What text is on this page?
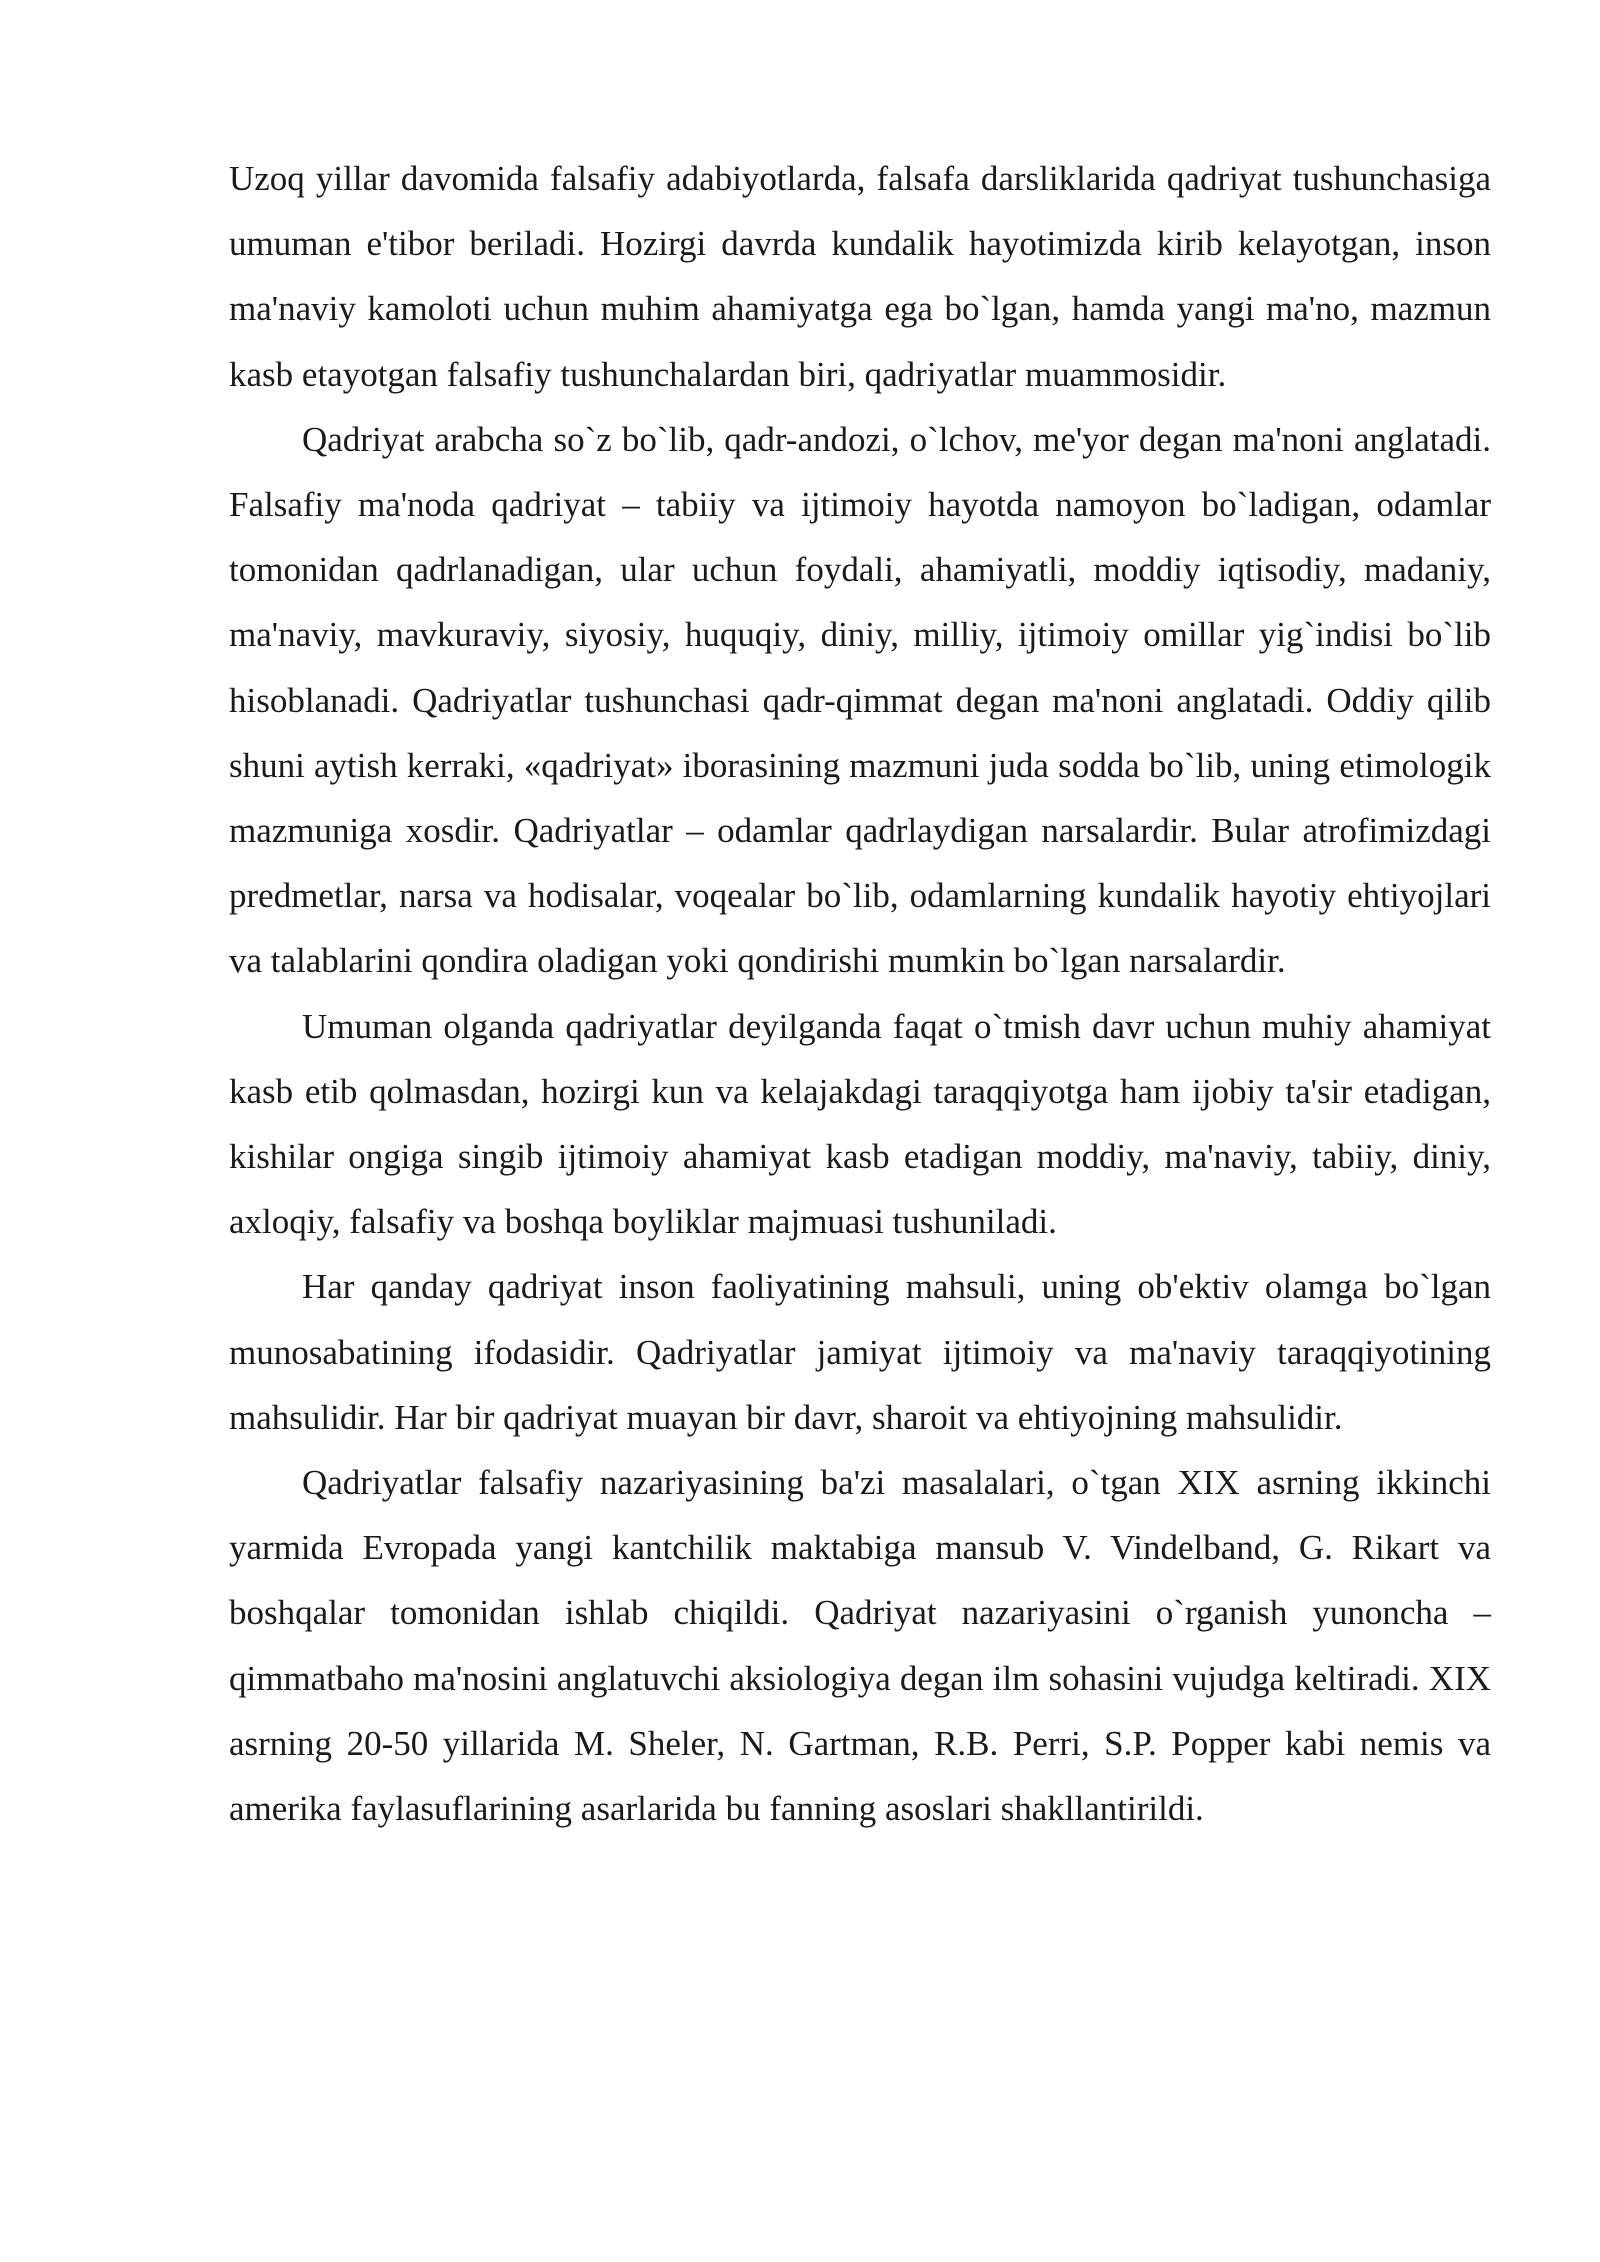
Uzoq yillar davomida falsafiy adabiyotlarda, falsafa darsliklarida qadriyat tushunchasiga umuman e'tibor beriladi. Hozirgi davrda kundalik hayotimizda kirib kelayotgan, inson ma'naviy kamoloti uchun muhim ahamiyatga ega bo`lgan, hamda yangi ma'no, mazmun kasb etayotgan falsafiy tushunchalardan biri, qadriyatlar muammosidir.

Qadriyat arabcha so`z bo`lib, qadr-andozi, o`lchov, me'yor degan ma'noni anglatadi. Falsafiy ma'noda qadriyat – tabiiy va ijtimoiy hayotda namoyon bo`ladigan, odamlar tomonidan qadrlanadigan, ular uchun foydali, ahamiyatli, moddiy iqtisodiy, madaniy, ma'naviy, mavkuraviy, siyosiy, huquqiy, diniy, milliy, ijtimoiy omillar yig`indisi bo`lib hisoblanadi. Qadriyatlar tushunchasi qadr-qimmat degan ma'noni anglatadi. Oddiy qilib shuni aytish kerraki, «qadriyat» iborasining mazmuni juda sodda bo`lib, uning etimologik mazmuniga xosdir. Qadriyatlar – odamlar qadrlaydigan narsalardir. Bular atrofimizdagi predmetlar, narsa va hodisalar, voqealar bo`lib, odamlarning kundalik hayotiy ehtiyojlari va talablarini qondira oladigan yoki qondirishi mumkin bo`lgan narsalardir.

Umuman olganda qadriyatlar deyilganda faqat o`tmish davr uchun muhiy ahamiyat kasb etib qolmasdan, hozirgi kun va kelajakdagi taraqqiyotga ham ijobiy ta'sir etadigan, kishilar ongiga singib ijtimoiy ahamiyat kasb etadigan moddiy, ma'naviy, tabiiy, diniy, axloqiy, falsafiy va boshqa boyliklar majmuasi tushuniladi.

Har qanday qadriyat inson faoliyatining mahsuli, uning ob'ektiv olamga bo`lgan munosabatining ifodasidir. Qadriyatlar jamiyat ijtimoiy va ma'naviy taraqqiyotining mahsulidir. Har bir qadriyat muayan bir davr, sharoit va ehtiyojning mahsulidir.

Qadriyatlar falsafiy nazariyasining ba'zi masalalari, o`tgan XIX asrning ikkinchi yarmida Evropada yangi kantchilik maktabiga mansub V. Vindelband, G. Rikart va boshqalar tomonidan ishlab chiqildi. Qadriyat nazariyasini o`rganish yunoncha – qimmatbaho ma'nosini anglatuvchi aksiologiya degan ilm sohasini vujudga keltiradi. XIX asrning 20-50 yillarida M. Sheler, N. Gartman, R.B. Perri, S.P. Popper kabi nemis va amerika faylasuflarining asarlarida bu fanning asoslari shakllantirildi.
